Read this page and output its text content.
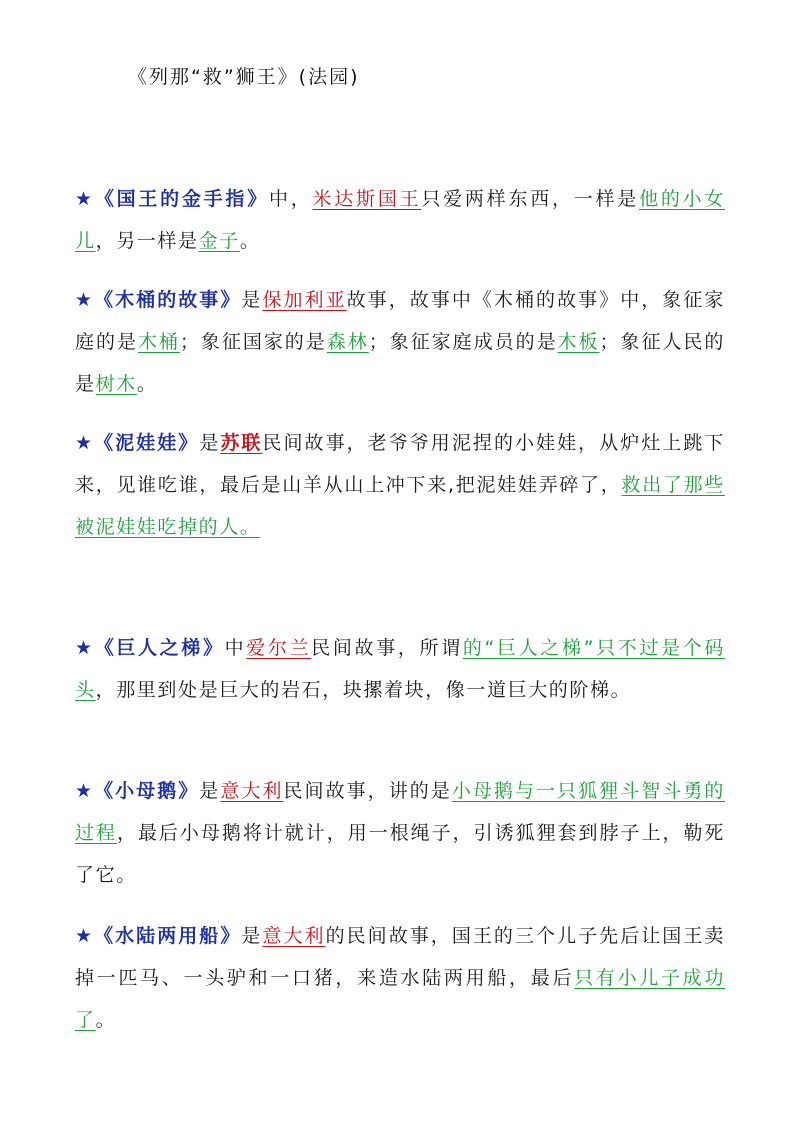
《列那“救”狮王》(法园)
★《国王的金手指》中，米达斯国王只爱两样东西，一样是他的小女儿，另一样是金子。
★《木桶的故事》是保加利亚故事，故事中《木桶的故事》中，象征家庭的是木桶；象征国家的是森林；象征家庭成员的是木板；象征人民的是树木。
★《泥娃娃》是苏联民间故事，老爷爷用泥捏的小娃娃，从炉灶上跳下来，见谁吃谁，最后是山羊从山上冲下来,把泥娃娃弄碎了，救出了那些被泥娃娃吃掉的人。
★《巨人之梯》中爱尔兰民间故事，所谓的“巨人之梯”只不过是个码头，那里到处是巨大的岩石，块摞着块，像一道巨大的阶梯。
★《小母鹅》是意大利民间故事，讲的是小母鹅与一只狐狸斗智斗勇的过程，最后小母鹅将计就计，用一根绳子，引诱狐狸套到脖子上，勒死了它。
★《水陆两用船》是意大利的民间故事，国王的三个儿子先后让国王卖掉一匹马、一头驴和一口猪，来造水陆两用船，最后只有小儿子成功了。
